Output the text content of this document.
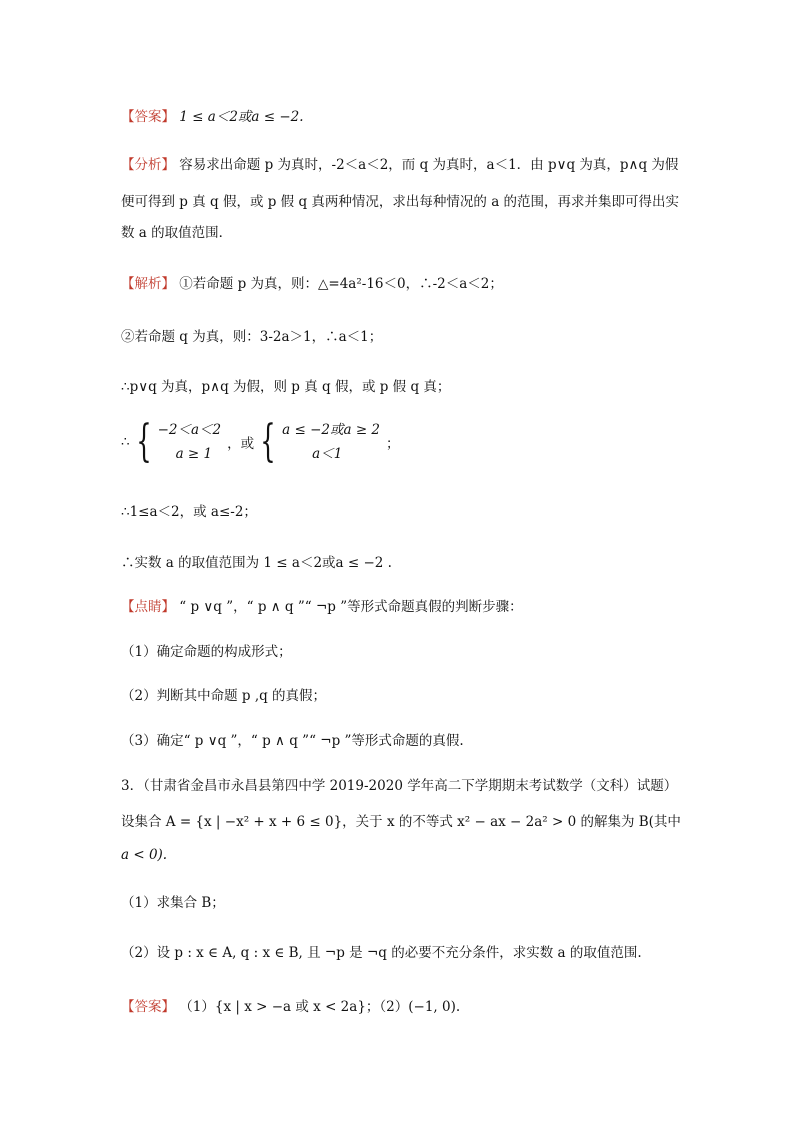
【答案】 1 ≤ a＜2或a ≤ −2.
【分析】 容易求出命题 p 为真时，-2＜a＜2，而 q 为真时，a＜1．由 p∨q 为真，p∧q 为假
便可得到 p 真 q 假，或 p 假 q 真两种情况，求出每种情况的 a 的范围，再求并集即可得出实
数 a 的取值范围．
【解析】 ①若命题 p 为真，则：△=4a²-16＜0，∴-2＜a＜2；
②若命题 q 为真，则：3-2a＞1，∴a＜1；
∴p∨q 为真，p∧q 为假，则 p 真 q 假，或 p 假 q 真；
∴ { −2＜a＜2
a ≥ 1
，或 { a ≤ −2或a ≥ 2
a＜1
；
∴1≤a＜2，或 a≤-2；
∴实数 a 的取值范围为 1 ≤ a＜2或a ≤ −2 .
【点睛】 “ p ∨q ”，“ p ∧ q ”“ ¬p ”等形式命题真假的判断步骤：
（1）确定命题的构成形式；
（2）判断其中命题 p ,q 的真假；
（3）确定“ p ∨q ”，“ p ∧ q ”“ ¬p ”等形式命题的真假.
3．（甘肃省金昌市永昌县第四中学 2019-2020 学年高二下学期期末考试数学（文科）试题）
设集合 A = {x | −x² + x + 6 ≤ 0}，关于 x 的不等式 x² − ax − 2a² > 0 的解集为 B(其中
a < 0).
（1）求集合 B；
（2）设 p : x ∈ A, q : x ∈ B, 且 ¬p 是 ¬q 的必要不充分条件，求实数 a 的取值范围.
【答案】 （1）{x | x > −a 或 x < 2a}；（2）(−1, 0).
